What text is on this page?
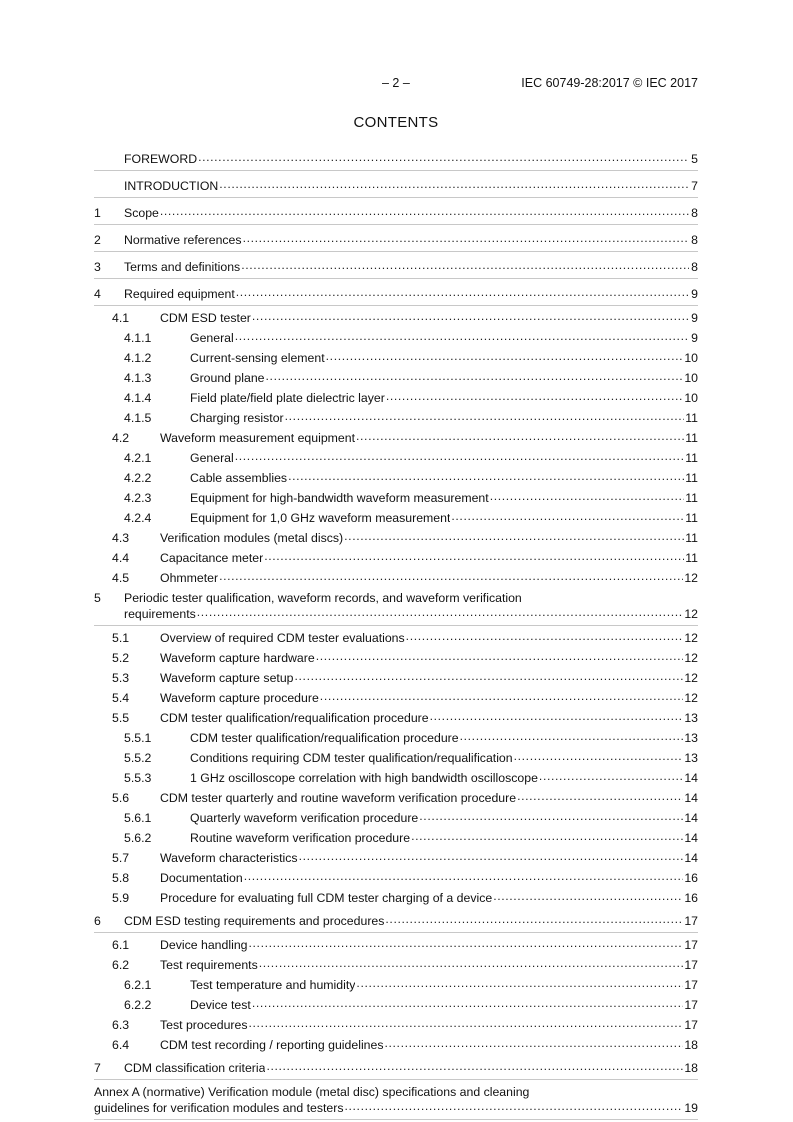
– 2 –	IEC 60749-28:2017 © IEC 2017
CONTENTS
FOREWORD .....	5
INTRODUCTION .....	7
1	Scope .....	8
2	Normative references .....	8
3	Terms and definitions .....	8
4	Required equipment .....	9
4.1	CDM ESD tester .....	9
4.1.1	General .....	9
4.1.2	Current-sensing element .....	10
4.1.3	Ground plane .....	10
4.1.4	Field plate/field plate dielectric layer .....	10
4.1.5	Charging resistor .....	11
4.2	Waveform measurement equipment .....	11
4.2.1	General .....	11
4.2.2	Cable assemblies .....	11
4.2.3	Equipment for high-bandwidth waveform measurement .....	11
4.2.4	Equipment for 1,0 GHz waveform measurement .....	11
4.3	Verification modules (metal discs) .....	11
4.4	Capacitance meter .....	11
4.5	Ohmmeter .....	12
5	Periodic tester qualification, waveform records, and waveform verification
requirements .....	12
5.1	Overview of required CDM tester evaluations .....	12
5.2	Waveform capture hardware .....	12
5.3	Waveform capture setup .....	12
5.4	Waveform capture procedure .....	12
5.5	CDM tester qualification/requalification procedure .....	13
5.5.1	CDM tester qualification/requalification procedure .....	13
5.5.2	Conditions requiring CDM tester qualification/requalification .....	13
5.5.3	1 GHz oscilloscope correlation with high bandwidth oscilloscope .....	14
5.6	CDM tester quarterly and routine waveform verification procedure .....	14
5.6.1	Quarterly waveform verification procedure .....	14
5.6.2	Routine waveform verification procedure .....	14
5.7	Waveform characteristics .....	14
5.8	Documentation .....	16
5.9	Procedure for evaluating full CDM tester charging of a device .....	16
6	CDM ESD testing requirements and procedures .....	17
6.1	Device handling .....	17
6.2	Test requirements .....	17
6.2.1	Test temperature and humidity .....	17
6.2.2	Device test .....	17
6.3	Test procedures .....	17
6.4	CDM test recording / reporting guidelines .....	18
7	CDM classification criteria .....	18
Annex A (normative) Verification module (metal disc) specifications and cleaning
guidelines for verification modules and testers .....	19
